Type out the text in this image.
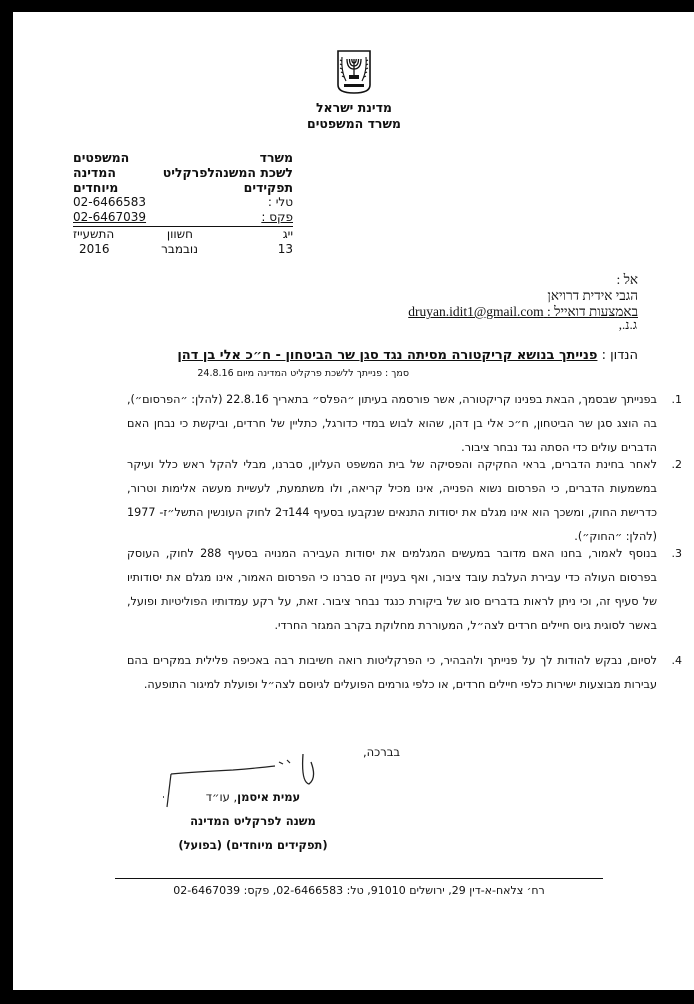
מדינת ישראל
משרד המשפטים
משרד
המשפטים
לשכת המשנה
לפרקליט
המדינה
תפקידים
מיוחדים
טלי :
02-6466583
פקס :
02-6467039
ייג
חשוון
התשעייז
13
נובמבר
2016
אל :
הגבי אידית דרויאן
באמצעות דואייל : druyan.idit1@gmail.com
ג.נ.,
הנדון : פנייתך בנושא קריקטורה מסיתה נגד סגן שר הביטחון - ח״כ אלי בן דהן
סמך : פנייתך ללשכת פרקליט המדינה מיום 24.8.16
1.
בפנייתך שבסמך, הבאת בפנינו קריקטורה, אשר פורסמה בעיתון ״הפלס״ בתאריך 22.8.16 (להלן: ״הפרסום״), בה הוצג סגן שר הביטחון, ח״כ אלי בן דהן, שהוא לבוש במדי כדורגל, כתליין של חרדים, וביקשת כי נבחן האם הדברים עולים כדי הסתה נגד נבחר ציבור.
2.
לאחר בחינת הדברים, בראי החקיקה והפסיקה של בית המשפט העליון, סברנו, מבלי להקל ראש כלל ועיקר במשמעות הדברים, כי הפרסום נשוא הפנייה, אינו מכיל קריאה, ולו משתמעת, לעשיית מעשה אלימות וטרור, כדרישת החוק, ומשכך הוא אינו מגלם את יסודות התנאים שנקבעו בסעיף 144ד2 לחוק העונשין התשל״ז- 1977 (להלן: ״החוק״).
3.
בנוסף לאמור, בחנו האם מדובר במעשים המגלמים את יסודות העבירה המנויה בסעיף 288 לחוק, העוסק בפרסום העולה כדי עבירת העלבת עובד ציבור, ואף בעניין זה סברנו כי הפרסום האמור, אינו מגלם את יסודותיו של סעיף זה, וכי ניתן לראות בדברים סוג של ביקורת כנגד נבחר ציבור. זאת, על רקע עמדותיו הפוליטיות ופועל, באשר לסוגית גיוס חיילים חרדים לצה״ל, המעוררת מחלוקת בקרב המגזר החרדי.
4.
לסיום, נבקש להודות לך על פנייתך ולהבהיר, כי הפרקליטות רואה חשיבות רבה באכיפה פלילית במקרים בהם עבירות מבוצעות ישירות כלפי חיילים חרדים, או כלפי גורמים הפועלים לגיוסם לצה״ל ופועלת למיגור התופעה.
בברכה,
עמית איסמן, עו״ד
משנה לפרקליט המדינה
(תפקידים מיוחדים) (בפועל)
רח׳ צלאח-א-דין 29, ירושלים 91010, טל: 02-6466583, פקס: 02-6467039
